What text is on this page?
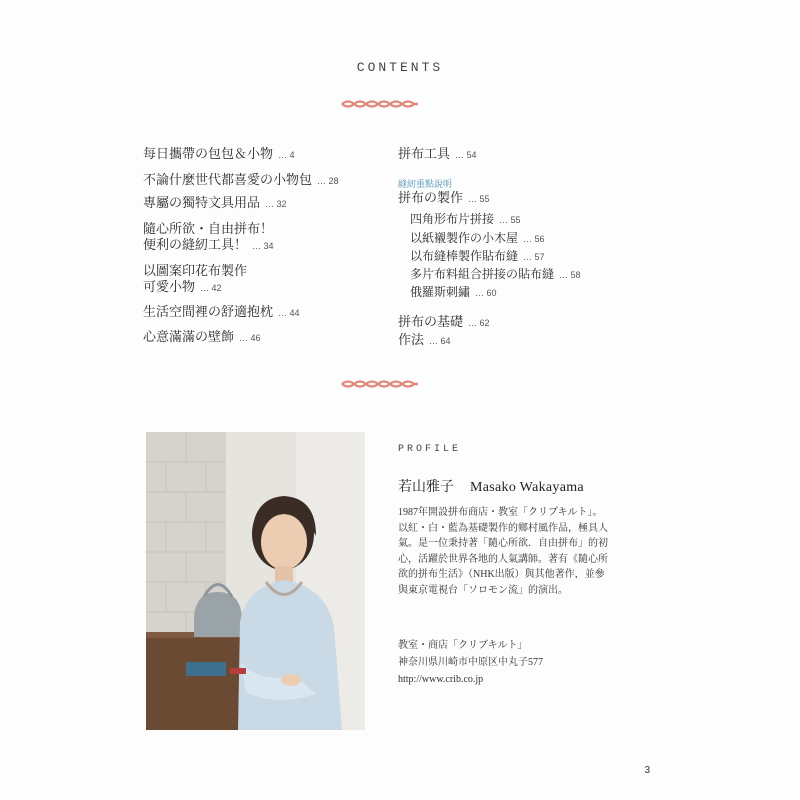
CONTENTS
每日攜帶の包包＆小物 … 4
不論什麼世代都喜愛の小物包 … 28
專屬の獨特文具用品 … 32
隨心所欲・自由拼布！
便利の縫紉工具！ … 34
以圖案印花布製作
可愛小物 … 42
生活空間裡の舒適抱枕 … 44
心意滿滿の壁飾 … 46
拼布工具 … 54
縫紉重點說明
拼布の製作 … 55
四角形布片拼接 … 55
以紙襯製作の小木屋 … 56
以布縫棒製作貼布縫 … 57
多片布料組合拼接の貼布縫 … 58
俄羅斯刺繡 … 60
拼布の基礎 … 62
作法 … 64
PROFILE
若山雅子 Masako Wakayama
1987年開設拼布商店・教室「クリブキルト」。
以紅・白・藍為基礎製作的鄉村風作品，極具人
氣。是一位秉持著「隨心所欲．自由拼布」的初
心，活躍於世界各地的人氣講師。著有《隨心所
欲的拼布生活》（NHK出版）與其他著作，並參
與東京電視台「ソロモン流」的演出。
教室・商店「クリブキルト」
神奈川県川崎市中原区中丸子577
http://www.crib.co.jp
3
